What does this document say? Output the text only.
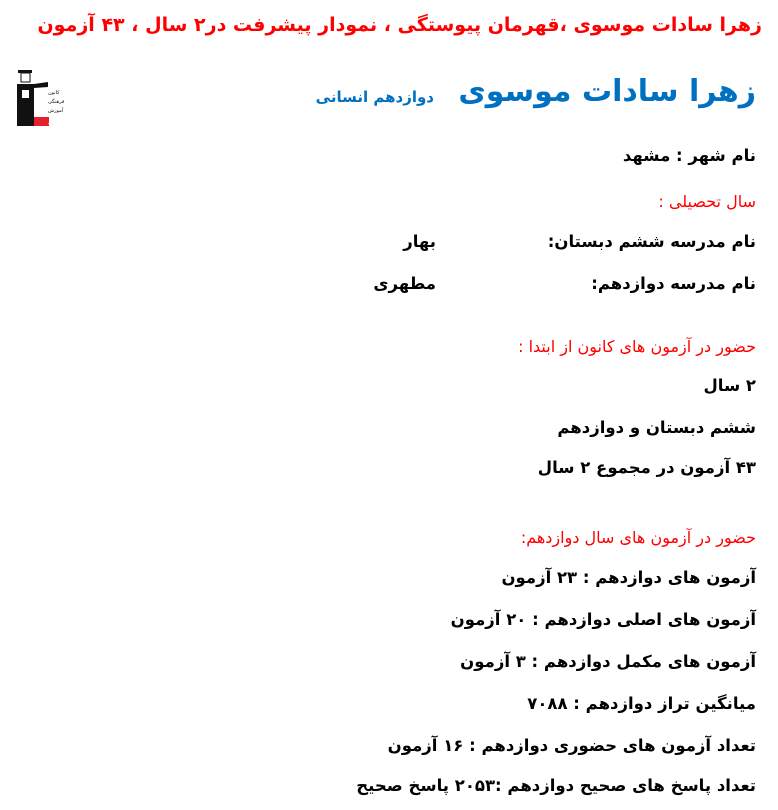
زهرا سادات موسوی ،قهرمان پیوستگی ، نمودار پیشرفت در۲ سال ، ۴۳ آزمون
کانون
فرهنگی
آموزش
قلم چی
زهرا سادات موسوی
دوازدهم انسانی
نام شهر : مشهد
سال تحصیلی :
نام مدرسه ششم دبستان:
بهار
نام مدرسه دوازدهم:
مطهری
حضور در آزمون های کانون از ابتدا :
۲ سال
ششم دبستان و دوازدهم
۴۳ آزمون در مجموع ۲ سال
حضور در آزمون های سال دوازدهم:
آزمون های دوازدهم : ۲۳ آزمون
آزمون های اصلی دوازدهم : ۲۰ آزمون
آزمون های مکمل دوازدهم : ۳ آزمون
میانگین تراز دوازدهم : ۷۰۸۸
تعداد آزمون های حضوری دوازدهم : ۱۶ آزمون
تعداد پاسخ های صحیح دوازدهم :۲۰۵۳ پاسخ صحیح
